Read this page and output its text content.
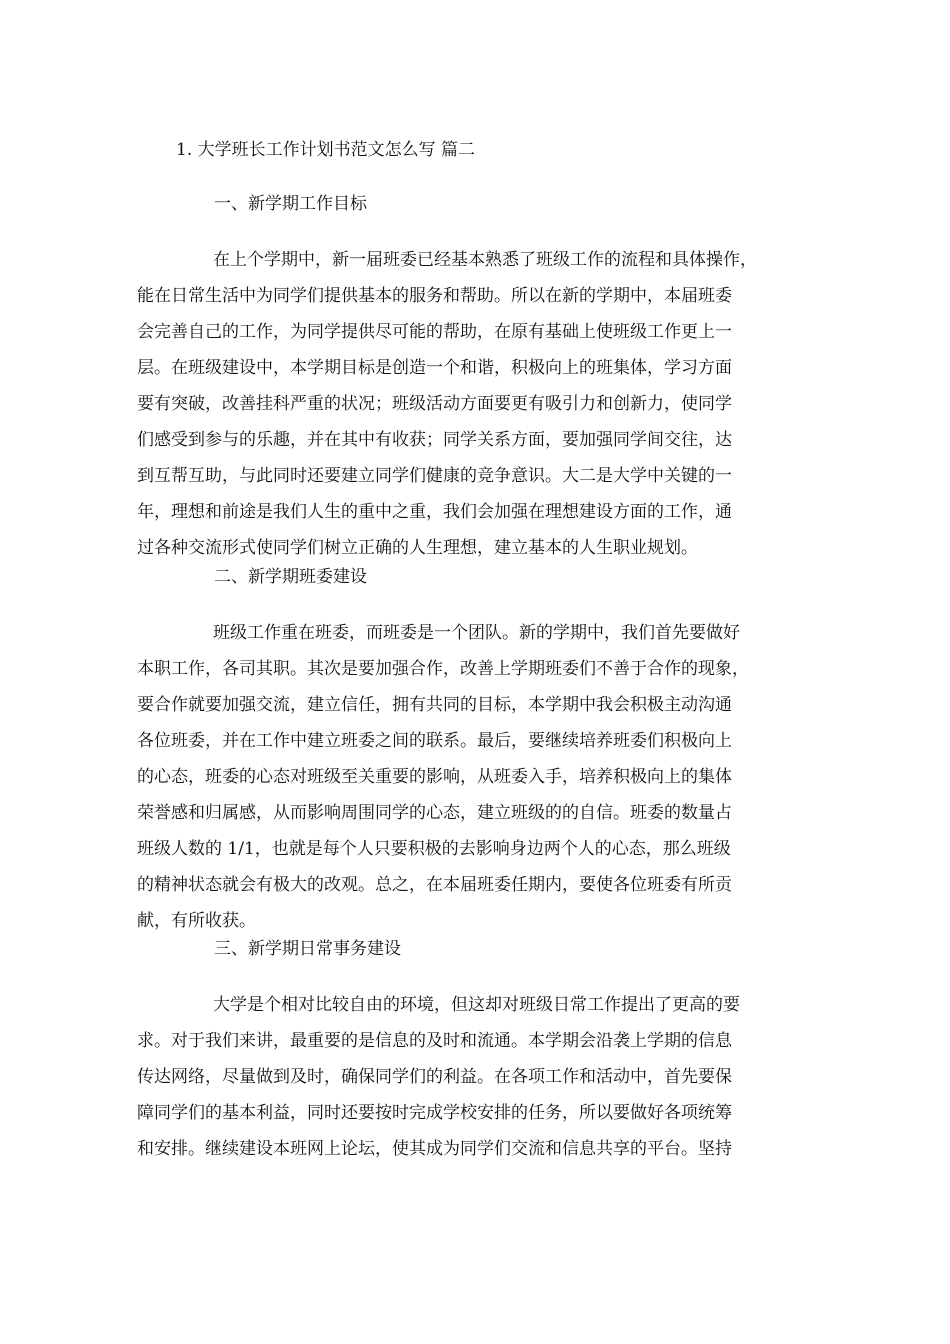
1. 大学班长工作计划书范文怎么写 篇二
一、新学期工作目标
在上个学期中，新一届班委已经基本熟悉了班级工作的流程和具体操作，
能在日常生活中为同学们提供基本的服务和帮助。所以在新的学期中，本届班委
会完善自己的工作，为同学提供尽可能的帮助，在原有基础上使班级工作更上一
层。在班级建设中，本学期目标是创造一个和谐，积极向上的班集体，学习方面
要有突破，改善挂科严重的状况；班级活动方面要更有吸引力和创新力，使同学
们感受到参与的乐趣，并在其中有收获；同学关系方面，要加强同学间交往，达
到互帮互助，与此同时还要建立同学们健康的竞争意识。大二是大学中关键的一
年，理想和前途是我们人生的重中之重，我们会加强在理想建设方面的工作，通
过各种交流形式使同学们树立正确的人生理想，建立基本的人生职业规划。
二、新学期班委建设
班级工作重在班委，而班委是一个团队。新的学期中，我们首先要做好
本职工作，各司其职。其次是要加强合作，改善上学期班委们不善于合作的现象，
要合作就要加强交流，建立信任，拥有共同的目标，本学期中我会积极主动沟通
各位班委，并在工作中建立班委之间的联系。最后，要继续培养班委们积极向上
的心态，班委的心态对班级至关重要的影响，从班委入手，培养积极向上的集体
荣誉感和归属感，从而影响周围同学的心态，建立班级的的自信。班委的数量占
班级人数的 1/1，也就是每个人只要积极的去影响身边两个人的心态，那么班级
的精神状态就会有极大的改观。总之，在本届班委任期内，要使各位班委有所贡
献，有所收获。
三、新学期日常事务建设
大学是个相对比较自由的环境，但这却对班级日常工作提出了更高的要
求。对于我们来讲，最重要的是信息的及时和流通。本学期会沿袭上学期的信息
传达网络，尽量做到及时，确保同学们的利益。在各项工作和活动中，首先要保
障同学们的基本利益，同时还要按时完成学校安排的任务，所以要做好各项统筹
和安排。继续建设本班网上论坛，使其成为同学们交流和信息共享的平台。坚持
